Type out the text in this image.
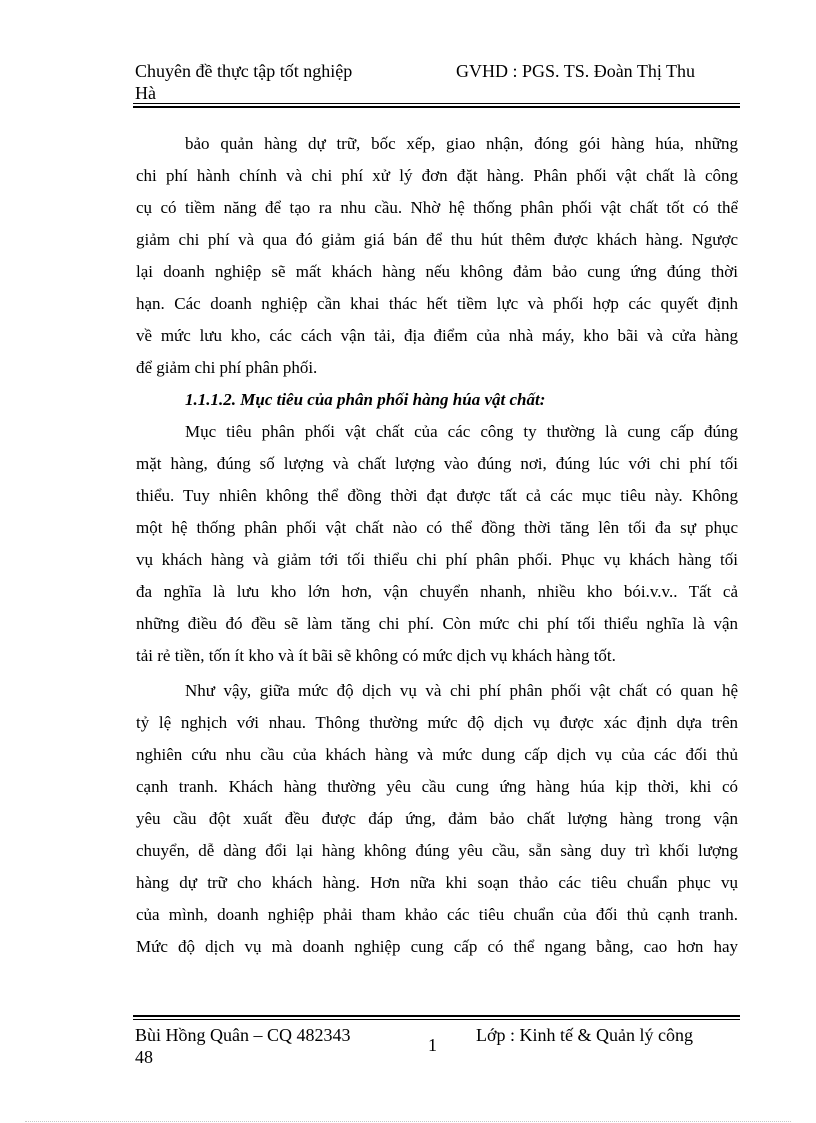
Chuyên đề thực tập tốt nghiệp	GVHD : PGS. TS. Đoàn Thị Thu
Hà
bảo quản hàng dự trữ, bốc xếp, giao nhận, đóng gói hàng húa, những
chi phí hành chính và chi phí xử lý đơn đặt hàng. Phân phối vật chất là công
cụ có tiềm năng để tạo ra nhu cầu. Nhờ hệ thống phân phối vật chất tốt có thể
giảm chi phí và qua đó giảm giá bán để thu hút thêm được khách hàng. Ngược
lại doanh nghiệp sẽ mất khách hàng nếu không đảm bảo cung ứng đúng thời
hạn. Các doanh nghiệp cần khai thác hết tiềm lực và phối hợp các quyết định
về mức lưu kho, các cách vận tải, địa điểm của nhà máy, kho bãi và cửa hàng
để giảm chi phí phân phối.
1.1.1.2. Mục tiêu của phân phối hàng húa vật chất:
Mục tiêu phân phối vật chất của các công ty thường là cung cấp đúng
mặt hàng, đúng số lượng và chất lượng vào đúng nơi, đúng lúc với chi phí tối
thiểu. Tuy nhiên không thể đồng thời đạt được tất cả các mục tiêu này. Không
một hệ thống phân phối vật chất nào có thể đồng thời tăng lên tối đa sự phục
vụ khách hàng và giảm tới tối thiểu chi phí phân phối. Phục vụ khách hàng tối
đa nghĩa là lưu kho lớn hơn, vận chuyển nhanh, nhiều kho bói.v.v.. Tất cả
những điều đó đều sẽ làm tăng chi phí. Còn mức chi phí tối thiểu nghĩa là vận
tải rẻ tiền, tốn ít kho và ít bãi sẽ không có mức dịch vụ khách hàng tốt.
Như vậy, giữa mức độ dịch vụ và chi phí phân phối vật chất có quan hệ
tỷ lệ nghịch với nhau. Thông thường mức độ dịch vụ được xác định dựa trên
nghiên cứu nhu cầu của khách hàng và mức dung cấp dịch vụ của các đối thủ
cạnh tranh. Khách hàng thường yêu cầu cung ứng hàng húa kịp thời, khi có
yêu cầu đột xuất đều được đáp ứng, đảm bảo chất lượng hàng trong vận
chuyển, dễ dàng đổi lại hàng không đúng yêu cầu, sẵn sàng duy trì khối lượng
hàng dự trữ cho khách hàng. Hơn nữa khi soạn thảo các tiêu chuẩn phục vụ
của mình, doanh nghiệp phải tham khảo các tiêu chuẩn của đối thủ cạnh tranh.
Mức độ dịch vụ mà doanh nghiệp cung cấp có thể ngang bằng, cao hơn hay
Bùi Hồng Quân – CQ 482343
48
1 Lớp : Kinh tế & Quản lý công
